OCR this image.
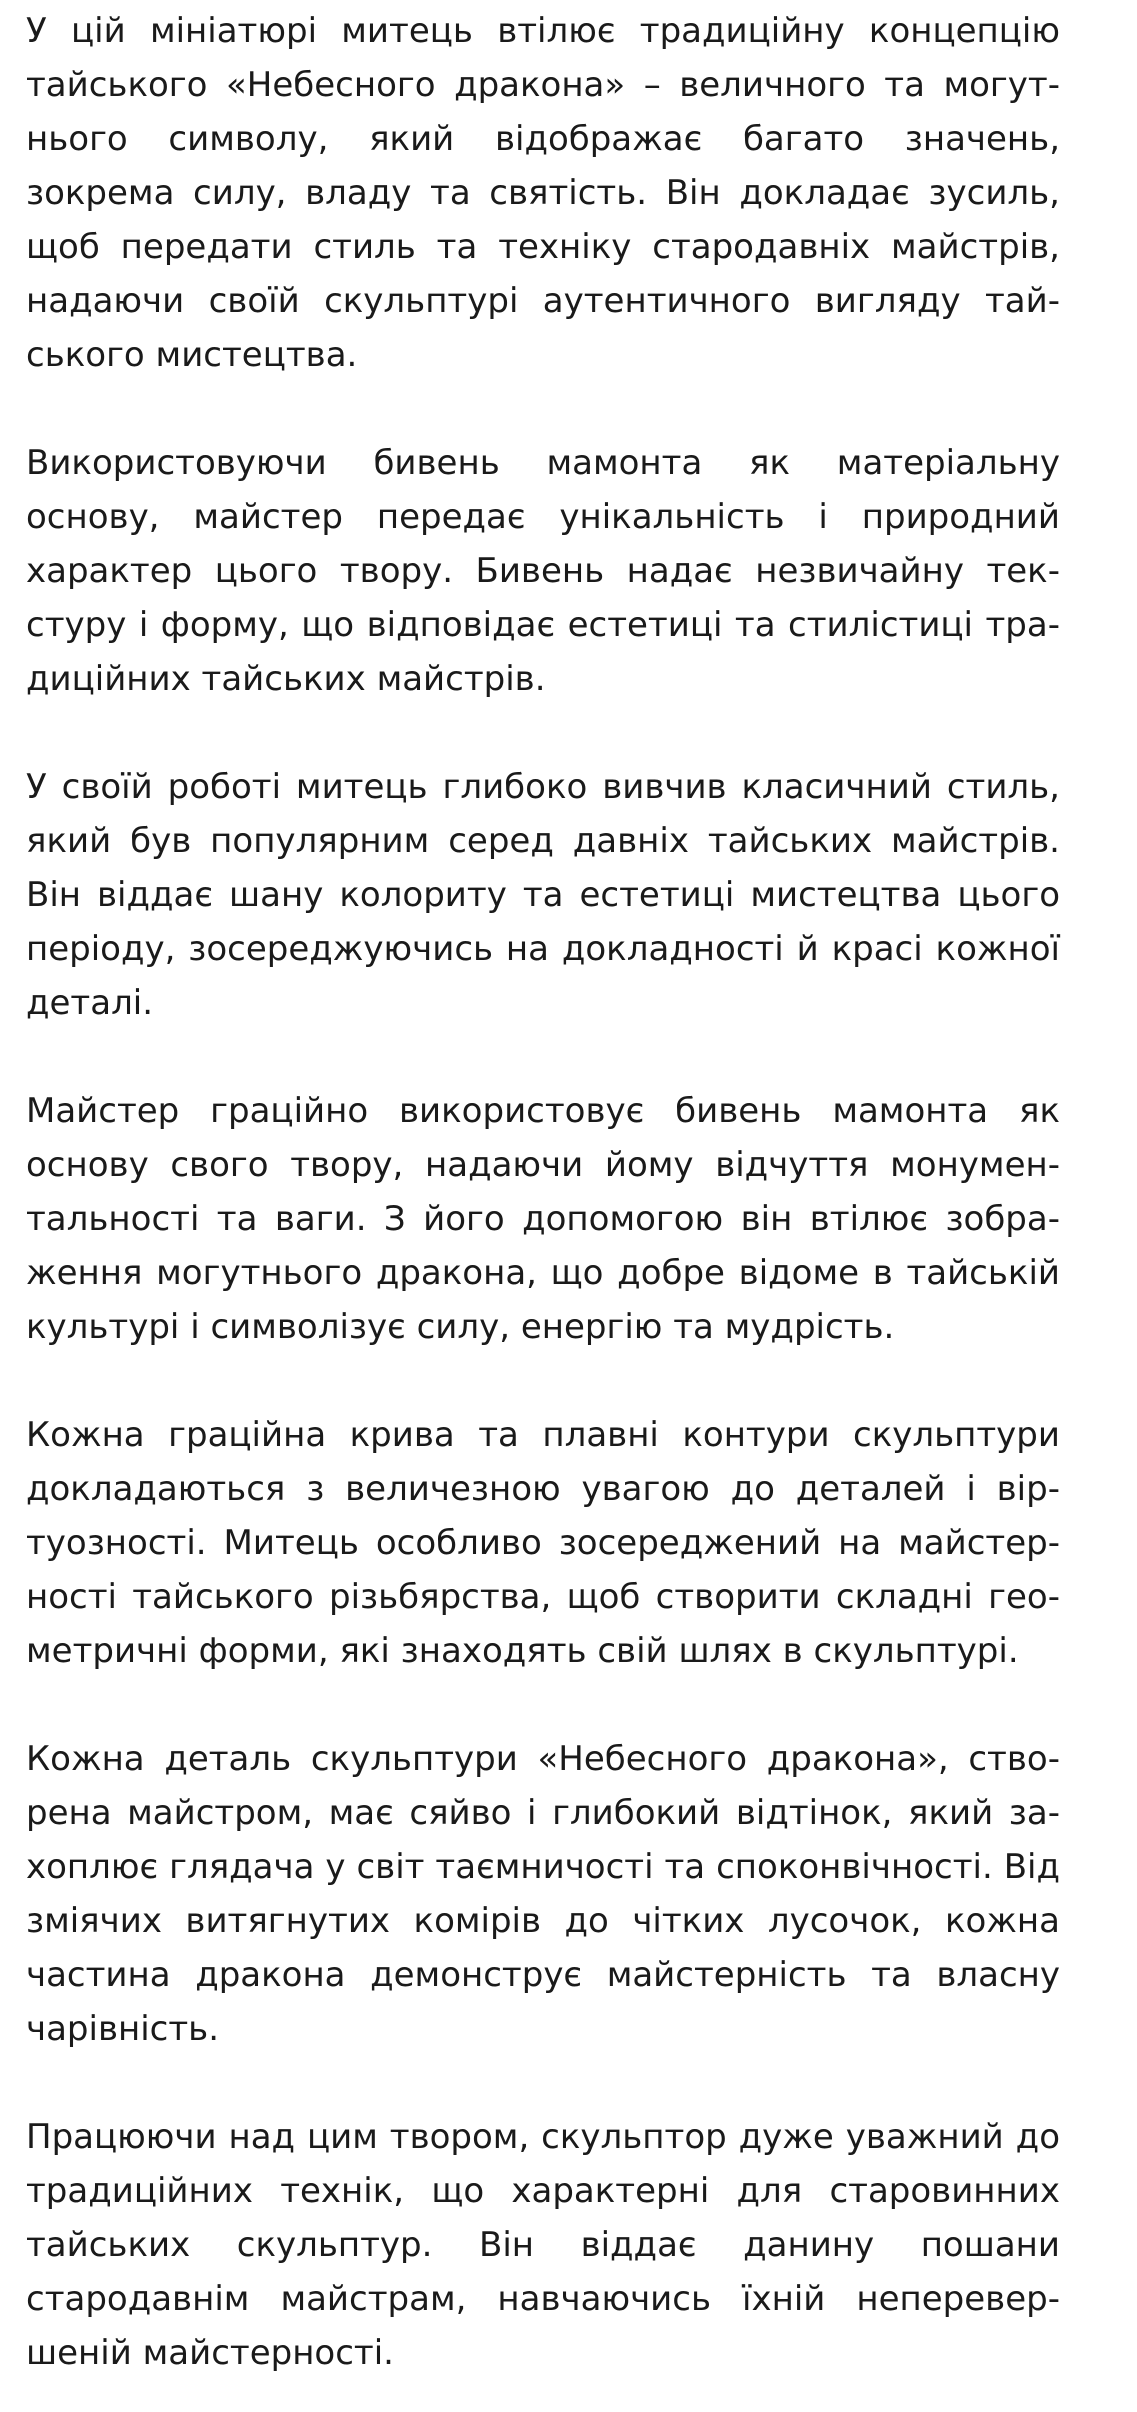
У цій мініатюрі митець втілює традиційну концепцію тайського «Небесного дракона» – величного та могутнього символу, який відображає багато значень, зокрема силу, владу та святість. Він докладає зусиль, щоб передати стиль та техніку стародавніх майстрів, надаючи своїй скульптурі аутентичного вигляду тайського мистецтва.

Використовуючи бивень мамонта як матеріальну основу, майстер передає унікальність і природний характер цього твору. Бивень надає незвичайну текстуру і форму, що відповідає естетиці та стилістиці традиційних тайських майстрів.

У своїй роботі митець глибоко вивчив класичний стиль, який був популярним серед давніх тайських майстрів. Він віддає шану колориту та естетиці мистецтва цього періоду, зосереджуючись на докладності й красі кожної деталі.

Майстер граційно використовує бивень мамонта як основу свого твору, надаючи йому відчуття монументальності та ваги. З його допомогою він втілює зображення могутнього дракона, що добре відоме в тайській культурі і символізує силу, енергію та мудрість.

Кожна граційна крива та плавні контури скульптури докладаються з величезною увагою до деталей і віртуозності. Митець особливо зосереджений на майстерності тайського різьбярства, щоб створити складні геометричні форми, які знаходять свій шлях в скульптурі.

Кожна деталь скульптури «Небесного дракона», створена майстром, має сяйво і глибокий відтінок, який захоплює глядача у світ таємничості та споконвічності. Від зміячих витягнутих комірів до чітких лусочок, кожна частина дракона демонструє майстерність та власну чарівність.

Працюючи над цим твором, скульптор дуже уважний до традиційних технік, що характерні для старовинних тайських скульптур. Він віддає данину пошани стародавнім майстрам, навчаючись їхній неперевершеній майстерності.
